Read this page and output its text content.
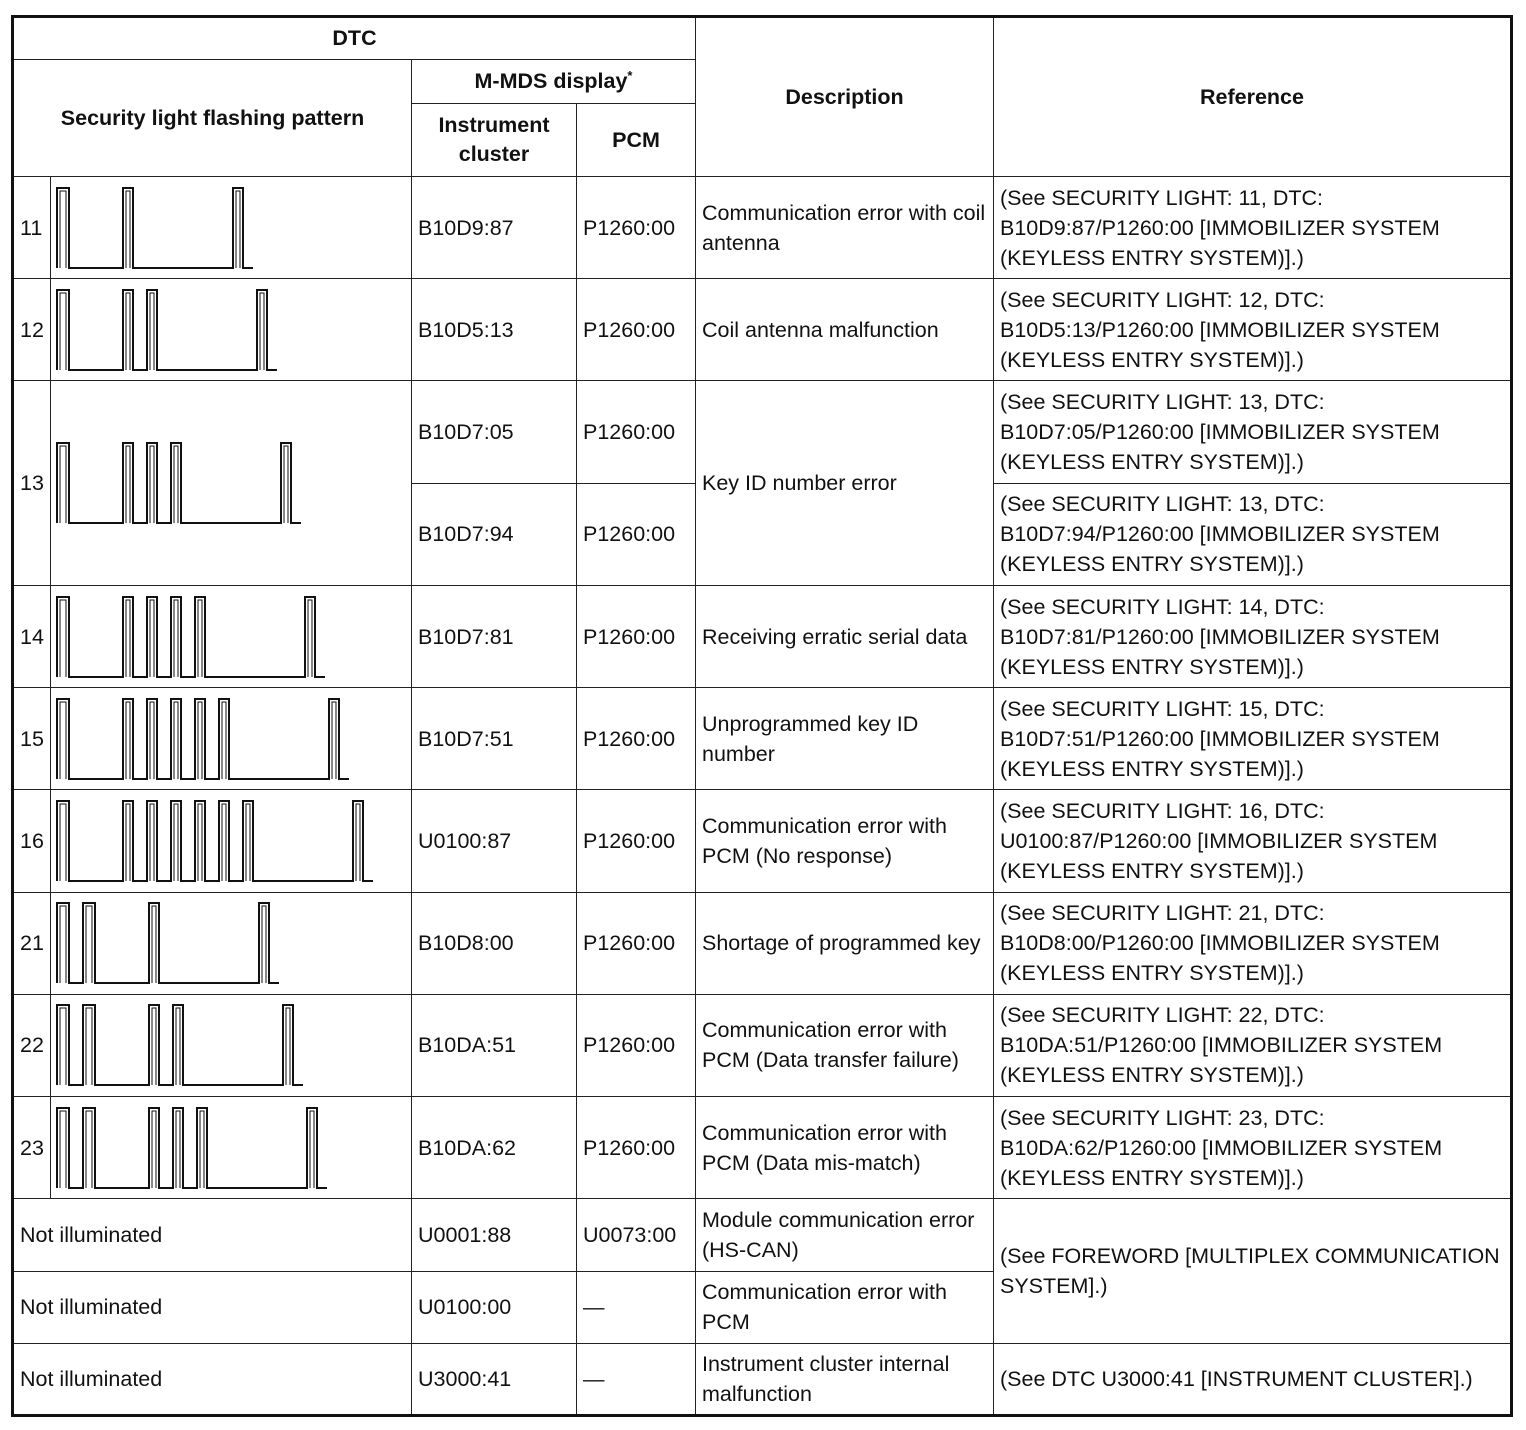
DTC				Description	Reference
Security light flashing pattern		M-MDS display*
		Instrument cluster	PCM		
11		B10D9:87	P1260:00	Communication error with coil antenna	(See SECURITY LIGHT: 11, DTC: B10D9:87/P1260:00 [IMMOBILIZER SYSTEM (KEYLESS ENTRY SYSTEM)].)
12		B10D5:13	P1260:00	Coil antenna malfunction	(See SECURITY LIGHT: 12, DTC: B10D5:13/P1260:00 [IMMOBILIZER SYSTEM (KEYLESS ENTRY SYSTEM)].)
13		B10D7:05	P1260:00	Key ID number error	(See SECURITY LIGHT: 13, DTC: B10D7:05/P1260:00 [IMMOBILIZER SYSTEM (KEYLESS ENTRY SYSTEM)].)
		B10D7:94	P1260:00		(See SECURITY LIGHT: 13, DTC: B10D7:94/P1260:00 [IMMOBILIZER SYSTEM (KEYLESS ENTRY SYSTEM)].)
14		B10D7:81	P1260:00	Receiving erratic serial data	(See SECURITY LIGHT: 14, DTC: B10D7:81/P1260:00 [IMMOBILIZER SYSTEM (KEYLESS ENTRY SYSTEM)].)
15		B10D7:51	P1260:00	Unprogrammed key ID number	(See SECURITY LIGHT: 15, DTC: B10D7:51/P1260:00 [IMMOBILIZER SYSTEM (KEYLESS ENTRY SYSTEM)].)
16		U0100:87	P1260:00	Communication error with PCM (No response)	(See SECURITY LIGHT: 16, DTC: U0100:87/P1260:00 [IMMOBILIZER SYSTEM (KEYLESS ENTRY SYSTEM)].)
21		B10D8:00	P1260:00	Shortage of programmed key	(See SECURITY LIGHT: 21, DTC: B10D8:00/P1260:00 [IMMOBILIZER SYSTEM (KEYLESS ENTRY SYSTEM)].)
22		B10DA:51	P1260:00	Communication error with PCM (Data transfer failure)	(See SECURITY LIGHT: 22, DTC: B10DA:51/P1260:00 [IMMOBILIZER SYSTEM (KEYLESS ENTRY SYSTEM)].)
23		B10DA:62	P1260:00	Communication error with PCM (Data mis-match)	(See SECURITY LIGHT: 23, DTC: B10DA:62/P1260:00 [IMMOBILIZER SYSTEM (KEYLESS ENTRY SYSTEM)].)
Not illuminated		U0001:88	U0073:00	Module communication error (HS-CAN)	(See FOREWORD [MULTIPLEX COMMUNICATION SYSTEM].)
Not illuminated		U0100:00	—	Communication error with PCM	
Not illuminated		U3000:41	—	Instrument cluster internal malfunction	(See DTC U3000:41 [INSTRUMENT CLUSTER].)
